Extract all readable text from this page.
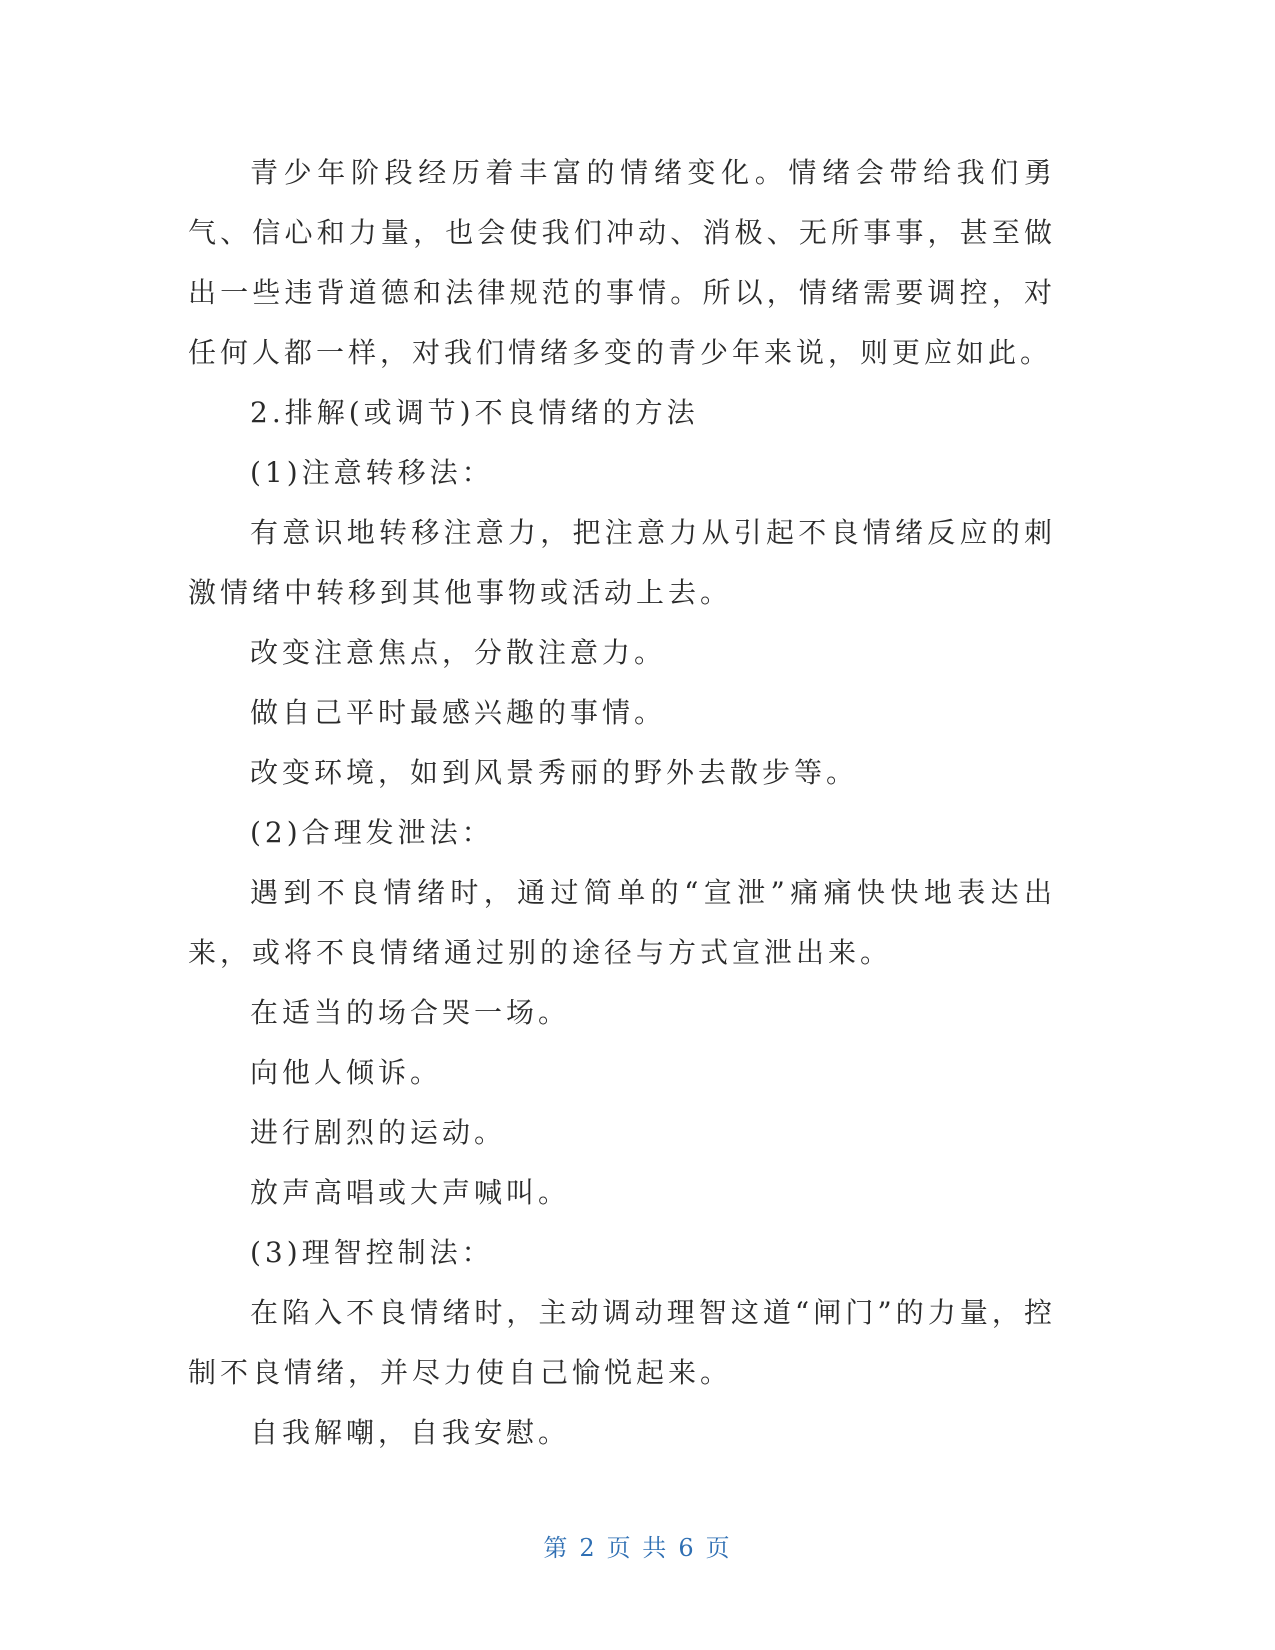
青少年阶段经历着丰富的情绪变化。情绪会带给我们勇气、信心和力量，也会使我们冲动、消极、无所事事，甚至做出一些违背道德和法律规范的事情。所以，情绪需要调控，对任何人都一样，对我们情绪多变的青少年来说，则更应如此。

2.排解(或调节)不良情绪的方法

(1)注意转移法：

有意识地转移注意力，把注意力从引起不良情绪反应的刺激情绪中转移到其他事物或活动上去。

改变注意焦点，分散注意力。

做自己平时最感兴趣的事情。

改变环境，如到风景秀丽的野外去散步等。

(2)合理发泄法：

遇到不良情绪时，通过简单的“宣泄”痛痛快快地表达出来，或将不良情绪通过别的途径与方式宣泄出来。

在适当的场合哭一场。

向他人倾诉。

进行剧烈的运动。

放声高唱或大声喊叫。

(3)理智控制法：

在陷入不良情绪时，主动调动理智这道“闸门”的力量，控制不良情绪，并尽力使自己愉悦起来。

自我解嘲，自我安慰。

第 2 页 共 6 页
